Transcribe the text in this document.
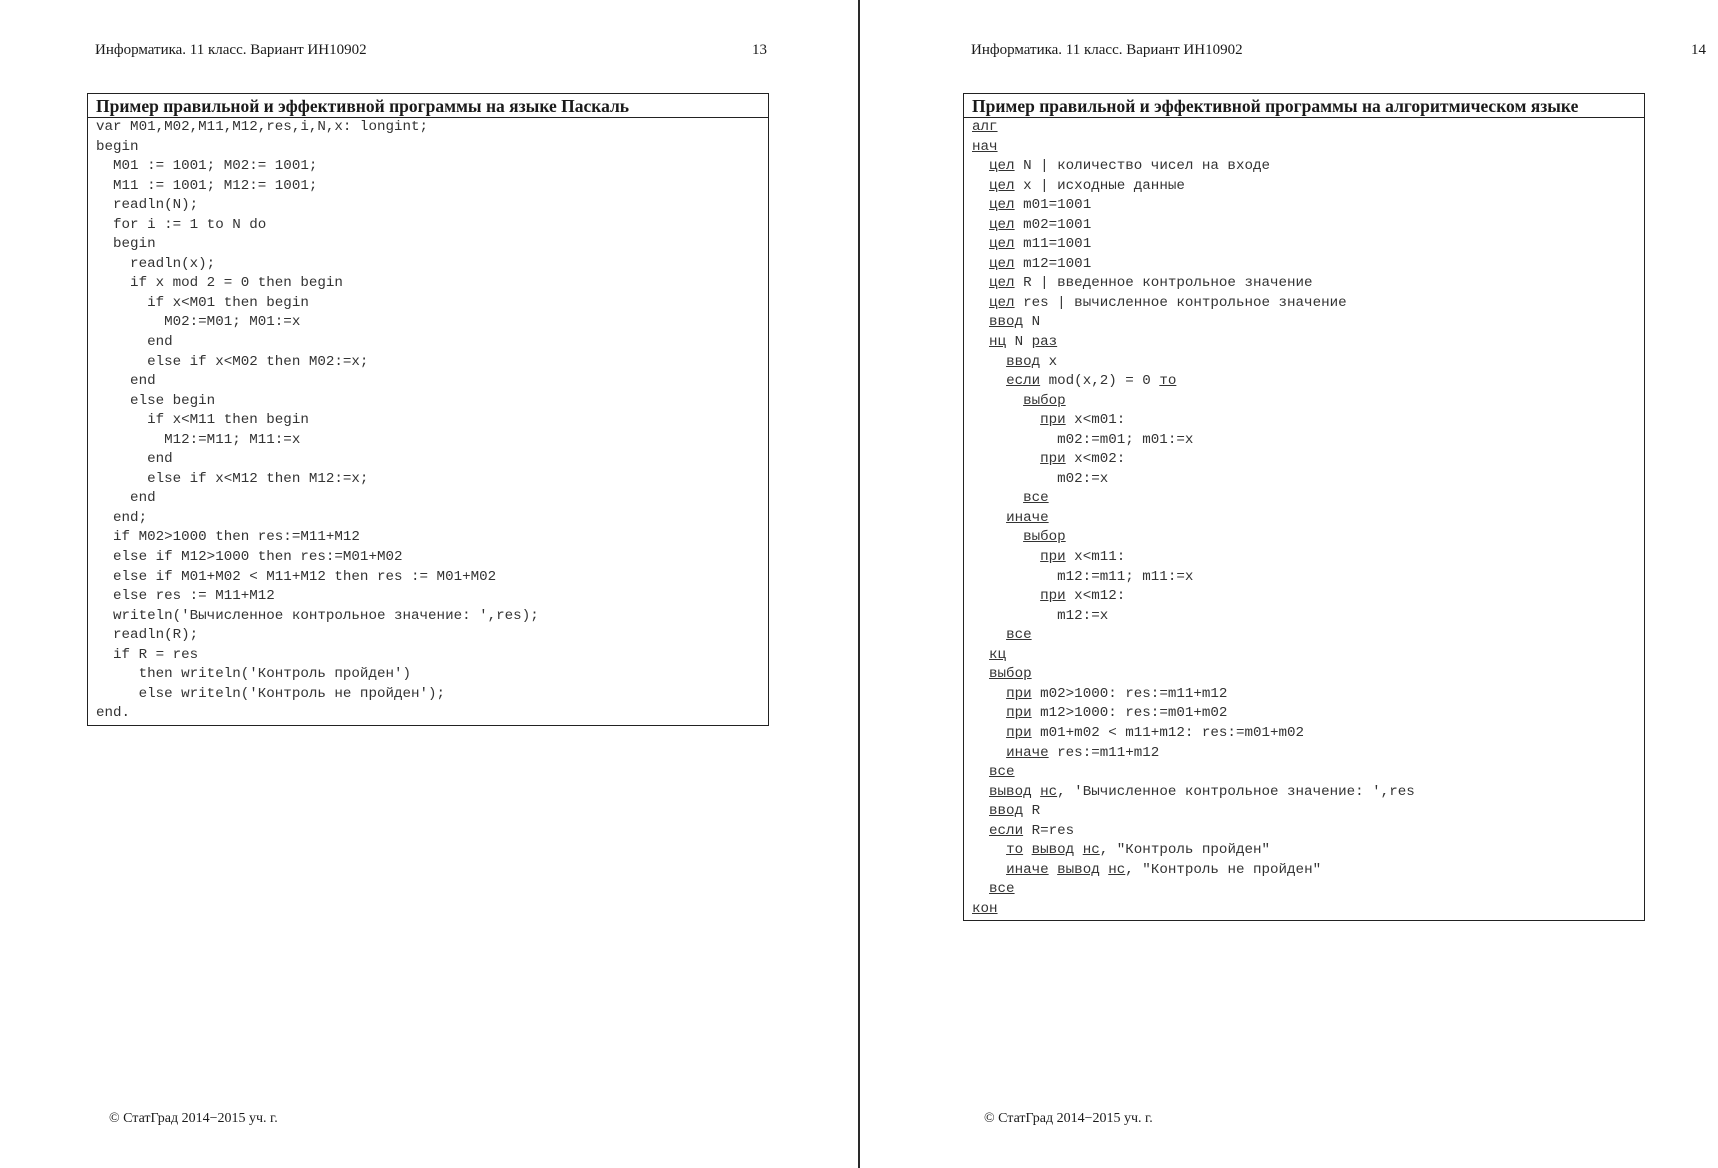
Информатика. 11 класс. Вариант ИН10902	13
Пример правильной и эффективной программы на языке Паскаль
var M01,M02,M11,M12,res,i,N,x: longint;
begin
M01 := 1001; M02:= 1001;
M11 := 1001; M12:= 1001;
readln(N);
for i := 1 to N do
begin
readln(x);
if x mod 2 = 0 then begin
if x<M01 then begin
M02:=M01; M01:=x
end
else if x<M02 then M02:=x;
end
else begin
if x<M11 then begin
M12:=M11; M11:=x
end
else if x<M12 then M12:=x;
end
end;
if M02>1000 then res:=M11+M12
else if M12>1000 then res:=M01+M02
else if M01+M02 < M11+M12 then res := M01+M02
else res := M11+M12
writeln('Вычисленное контрольное значение: ',res);
readln(R);
if R = res
then writeln('Контроль пройден')
else writeln('Контроль не пройден');
end.
© СтатГрад 2014−2015 уч. г.
Информатика. 11 класс. Вариант ИН10902	14
Пример правильной и эффективной программы на алгоритмическом языке
алг
нач
цел N | количество чисел на входе
цел x | исходные данные
цел m01=1001
цел m02=1001
цел m11=1001
цел m12=1001
цел R | введенное контрольное значение
цел res | вычисленное контрольное значение
ввод N
нц N раз
ввод x
если mod(x,2) = 0 то
выбор
при x<m01:
m02:=m01; m01:=x
при x<m02:
m02:=x
все
иначе
выбор
при x<m11:
m12:=m11; m11:=x
при x<m12:
m12:=x
все
кц
выбор
при m02>1000: res:=m11+m12
при m12>1000: res:=m01+m02
при m01+m02 < m11+m12: res:=m01+m02
иначе res:=m11+m12
все
вывод нс, 'Вычисленное контрольное значение: ',res
ввод R
если R=res
то вывод нс, "Контроль пройден"
иначе вывод нс, "Контроль не пройден"
все
кон
© СтатГрад 2014−2015 уч. г.
